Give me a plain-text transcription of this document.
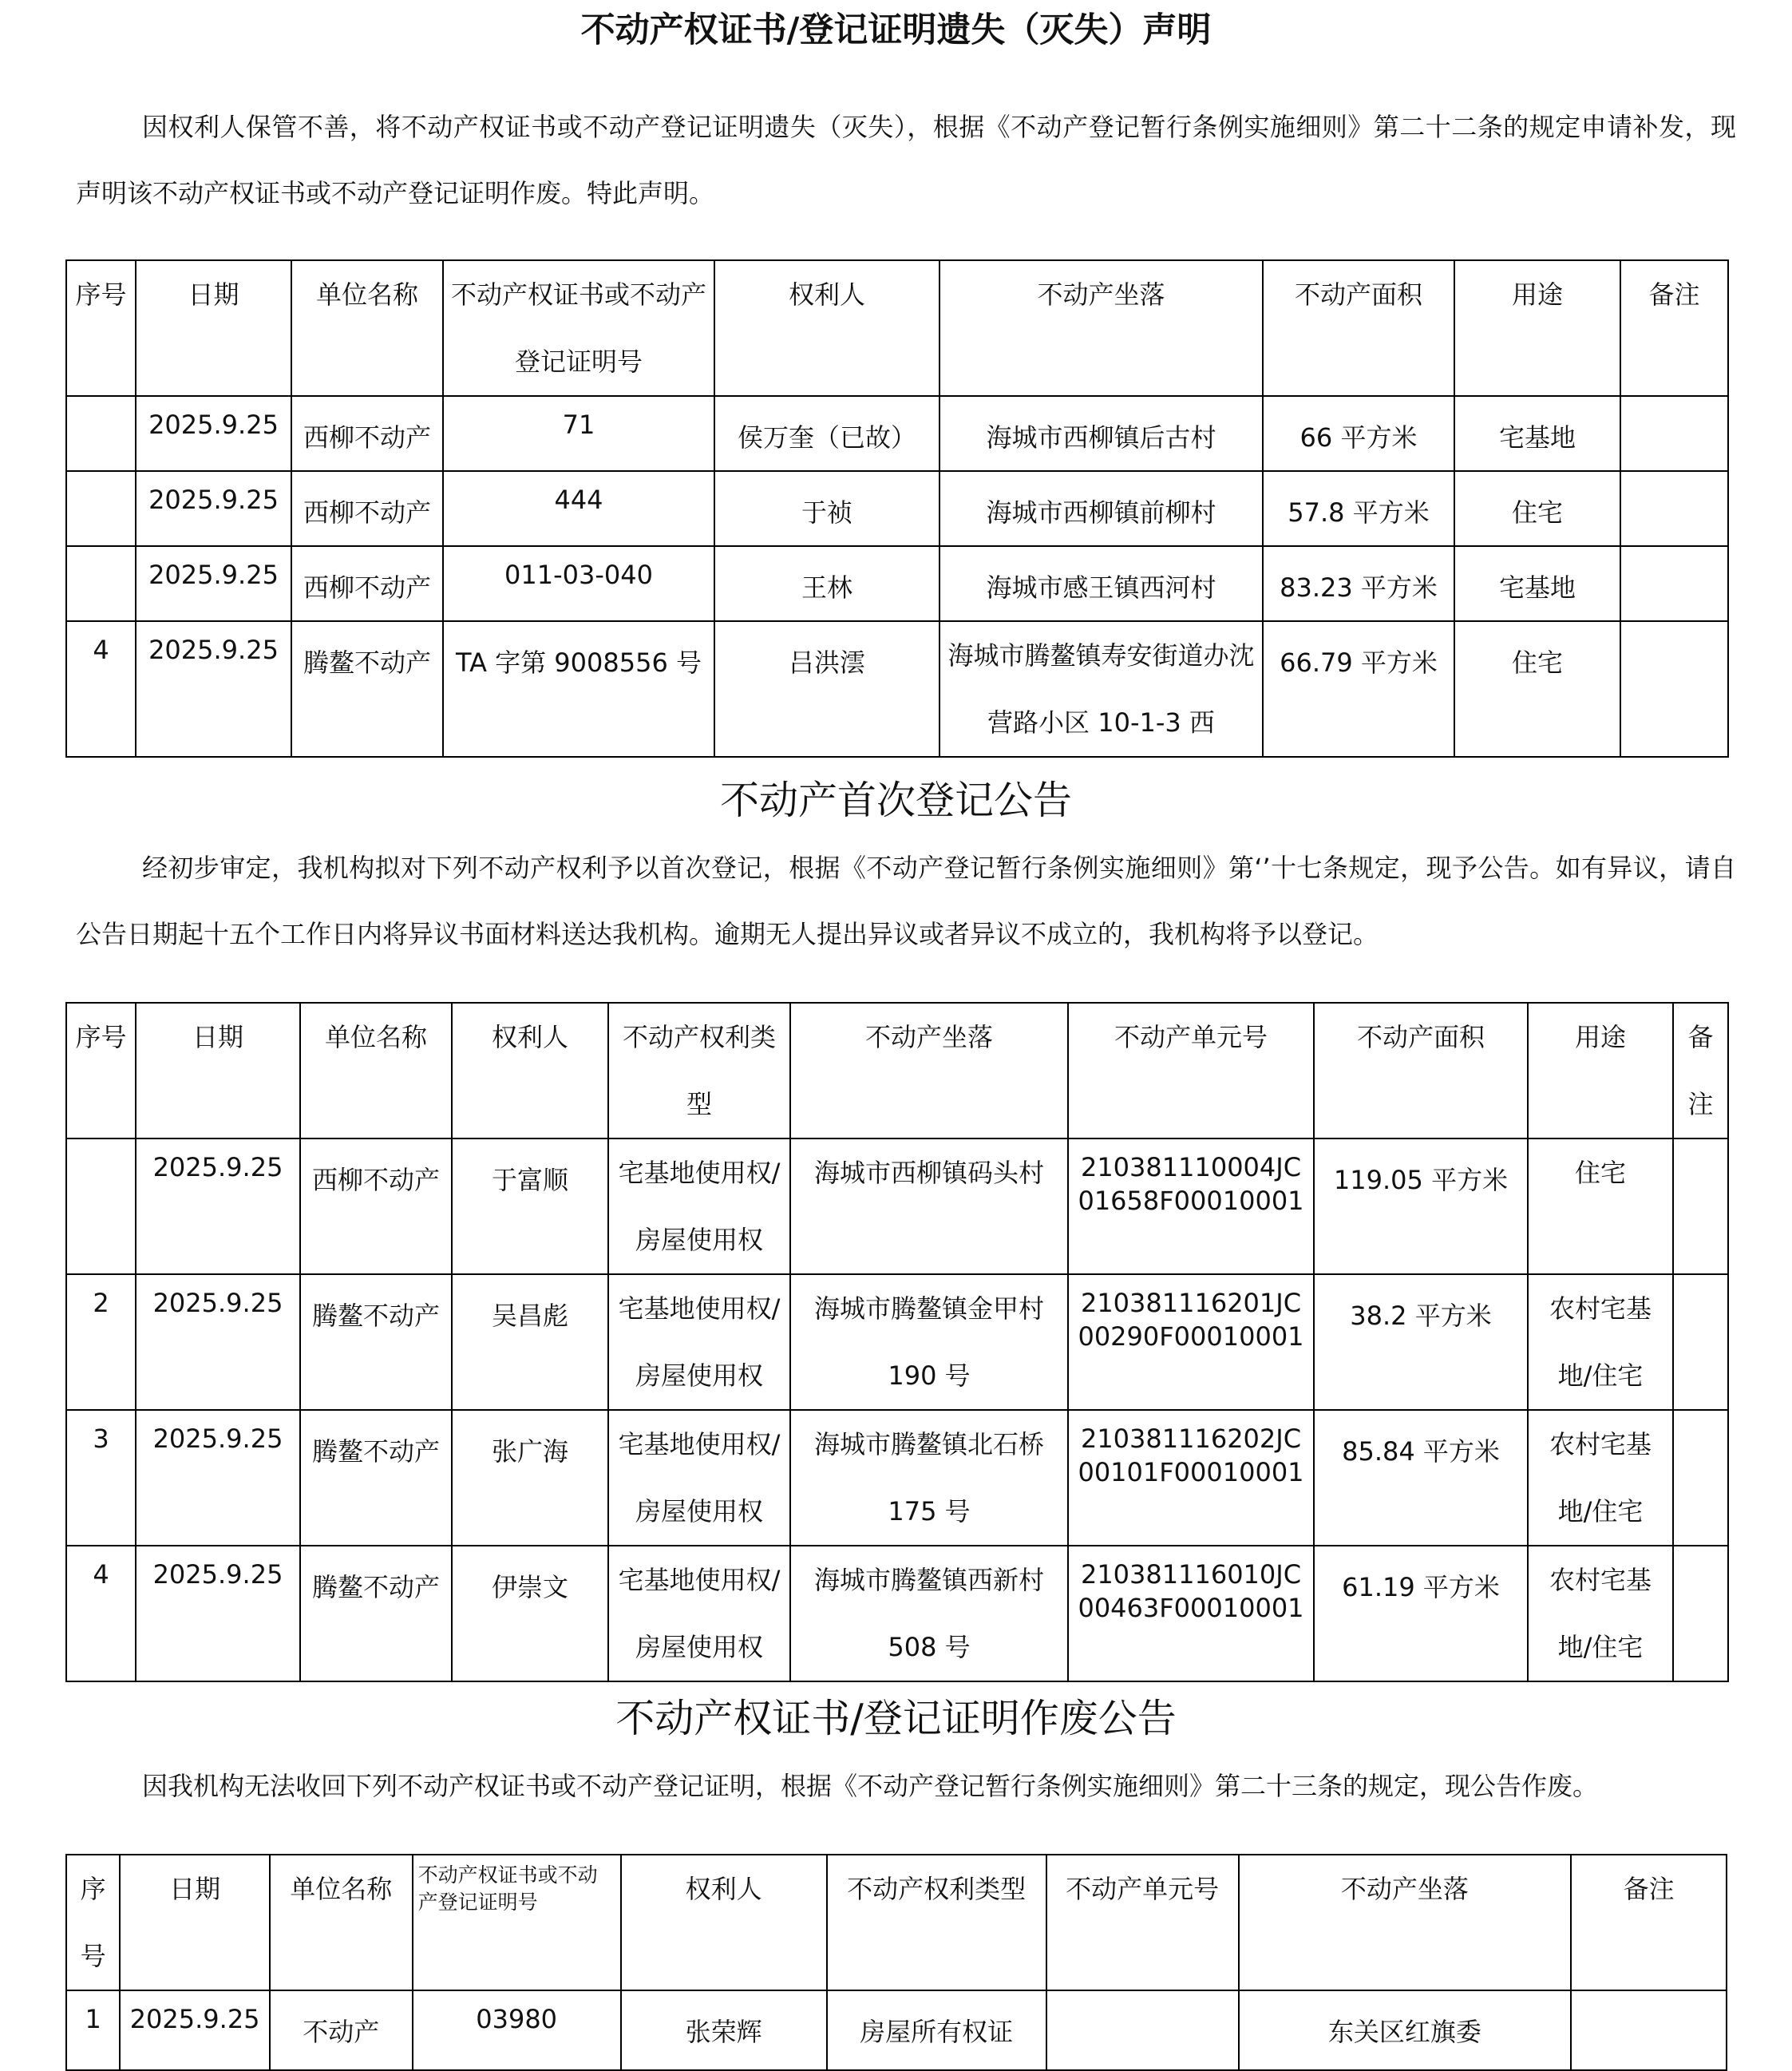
不动产权证书/登记证明遗失（灭失）声明
因权利人保管不善，将不动产权证书或不动产登记证明遗失（灭失），根据《不动产登记暂行条例实施细则》第二十二条的规定申请补发，现声明该不动产权证书或不动产登记证明作废。特此声明。
序号	日期	单位名称	不动产权证书或不动产登记证明号	权利人	不动产坐落	不动产面积	用途	备注
	2025.9.25	西柳不动产	71	侯万奎（已故）	海城市西柳镇后古村	66 平方米	宅基地	
	2025.9.25	西柳不动产	444	于祯	海城市西柳镇前柳村	57.8 平方米	住宅	
	2025.9.25	西柳不动产	011-03-040	王林	海城市感王镇西河村	83.23 平方米	宅基地	
4	2025.9.25	腾鳌不动产	TA 字第 9008556 号	吕洪澐	海城市腾鳌镇寿安街道办沈营路小区 10-1-3 西	66.79 平方米	住宅	
不动产首次登记公告
经初步审定，我机构拟对下列不动产权利予以首次登记，根据《不动产登记暂行条例实施细则》第‘’十七条规定，现予公告。如有异议，请自公告日期起十五个工作日内将异议书面材料送达我机构。逾期无人提出异议或者异议不成立的，我机构将予以登记。
序号	日期	单位名称	权利人	不动产权利类型	不动产坐落	不动产单元号	不动产面积	用途	备注
	2025.9.25	西柳不动产	于富顺	宅基地使用权/房屋使用权	海城市西柳镇码头村	210381110004JC01658F00010001	119.05 平方米	住宅	
2	2025.9.25	腾鳌不动产	吴昌彪	宅基地使用权/房屋使用权	海城市腾鳌镇金甲村 190 号	210381116201JC00290F00010001	38.2 平方米	农村宅基地/住宅	
3	2025.9.25	腾鳌不动产	张广海	宅基地使用权/房屋使用权	海城市腾鳌镇北石桥 175 号	210381116202JC00101F00010001	85.84 平方米	农村宅基地/住宅	
4	2025.9.25	腾鳌不动产	伊崇文	宅基地使用权/房屋使用权	海城市腾鳌镇西新村 508 号	210381116010JC00463F00010001	61.19 平方米	农村宅基地/住宅	
不动产权证书/登记证明作废公告
因我机构无法收回下列不动产权证书或不动产登记证明，根据《不动产登记暂行条例实施细则》第二十三条的规定，现公告作废。
序号	日期	单位名称	不动产权证书或不动产登记证明号	权利人	不动产权利类型	不动产单元号	不动产坐落	备注
1	2025.9.25	不动产	03980	张荣辉	房屋所有权证		东关区红旗委	
